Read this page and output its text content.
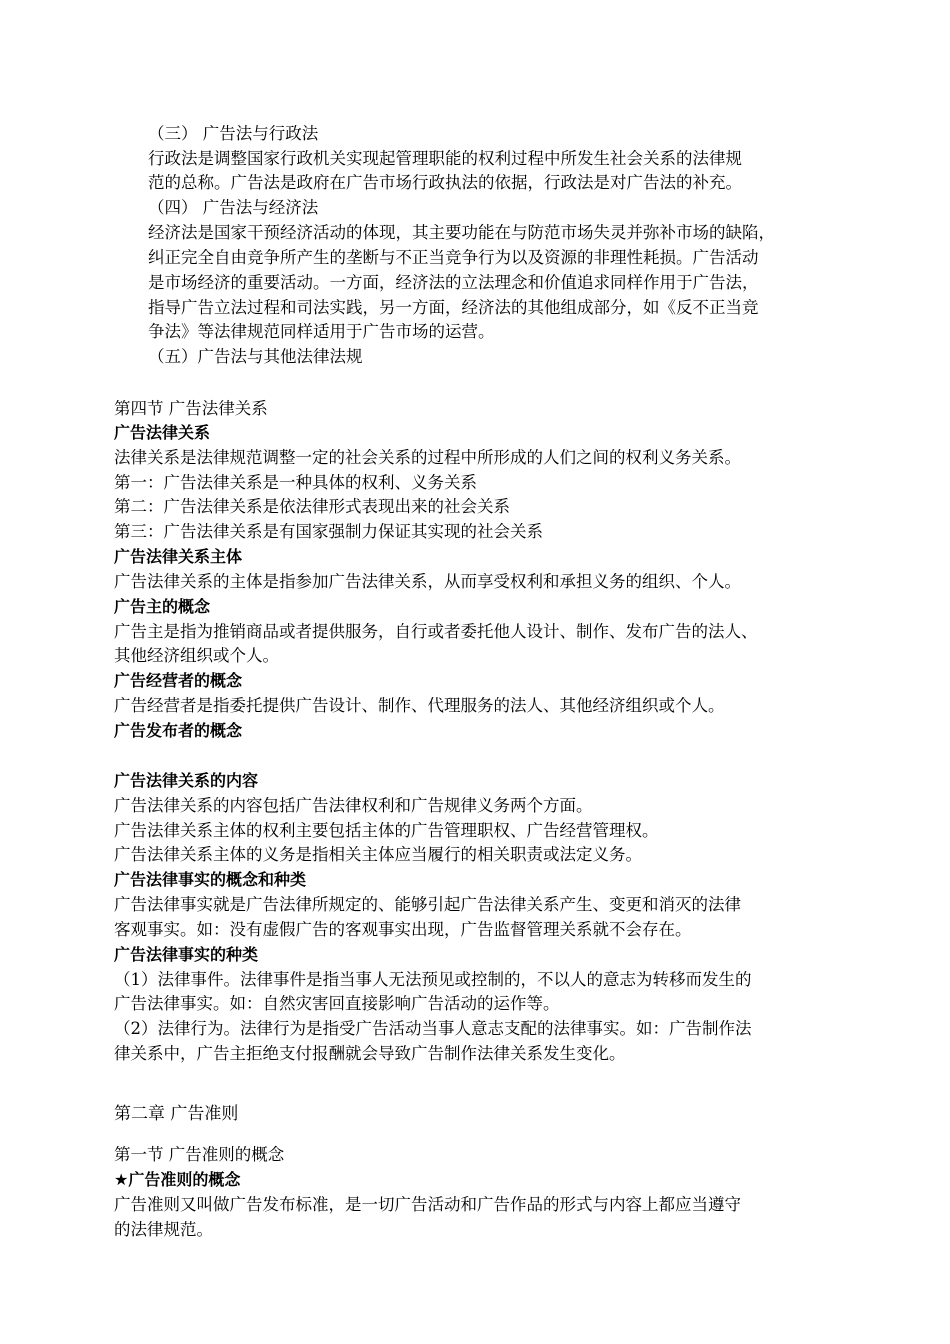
（三） 广告法与行政法
行政法是调整国家行政机关实现起管理职能的权利过程中所发生社会关系的法律规
范的总称。广告法是政府在广告市场行政执法的依据，行政法是对广告法的补充。
（四） 广告法与经济法
经济法是国家干预经济活动的体现，其主要功能在与防范市场失灵并弥补市场的缺陷，
纠正完全自由竞争所产生的垄断与不正当竞争行为以及资源的非理性耗损。广告活动
是市场经济的重要活动。一方面，经济法的立法理念和价值追求同样作用于广告法，
指导广告立法过程和司法实践，另一方面，经济法的其他组成部分，如《反不正当竞
争法》等法律规范同样适用于广告市场的运营。
（五）广告法与其他法律法规
第四节 广告法律关系
广告法律关系
法律关系是法律规范调整一定的社会关系的过程中所形成的人们之间的权利义务关系。
第一：广告法律关系是一种具体的权利、义务关系
第二：广告法律关系是依法律形式表现出来的社会关系
第三：广告法律关系是有国家强制力保证其实现的社会关系
广告法律关系主体
广告法律关系的主体是指参加广告法律关系，从而享受权利和承担义务的组织、个人。
广告主的概念
广告主是指为推销商品或者提供服务，自行或者委托他人设计、制作、发布广告的法人、
其他经济组织或个人。
广告经营者的概念
广告经营者是指委托提供广告设计、制作、代理服务的法人、其他经济组织或个人。
广告发布者的概念
广告法律关系的内容
广告法律关系的内容包括广告法律权利和广告规律义务两个方面。
广告法律关系主体的权利主要包括主体的广告管理职权、广告经营管理权。
广告法律关系主体的义务是指相关主体应当履行的相关职责或法定义务。
广告法律事实的概念和种类
广告法律事实就是广告法律所规定的、能够引起广告法律关系产生、变更和消灭的法律
客观事实。如：没有虚假广告的客观事实出现，广告监督管理关系就不会存在。
广告法律事实的种类
（1）法律事件。法律事件是指当事人无法预见或控制的，不以人的意志为转移而发生的
广告法律事实。如：自然灾害回直接影响广告活动的运作等。
（2）法律行为。法律行为是指受广告活动当事人意志支配的法律事实。如：广告制作法
律关系中，广告主拒绝支付报酬就会导致广告制作法律关系发生变化。
第二章 广告准则
第一节 广告准则的概念
★广告准则的概念
广告准则又叫做广告发布标准，是一切广告活动和广告作品的形式与内容上都应当遵守
的法律规范。
